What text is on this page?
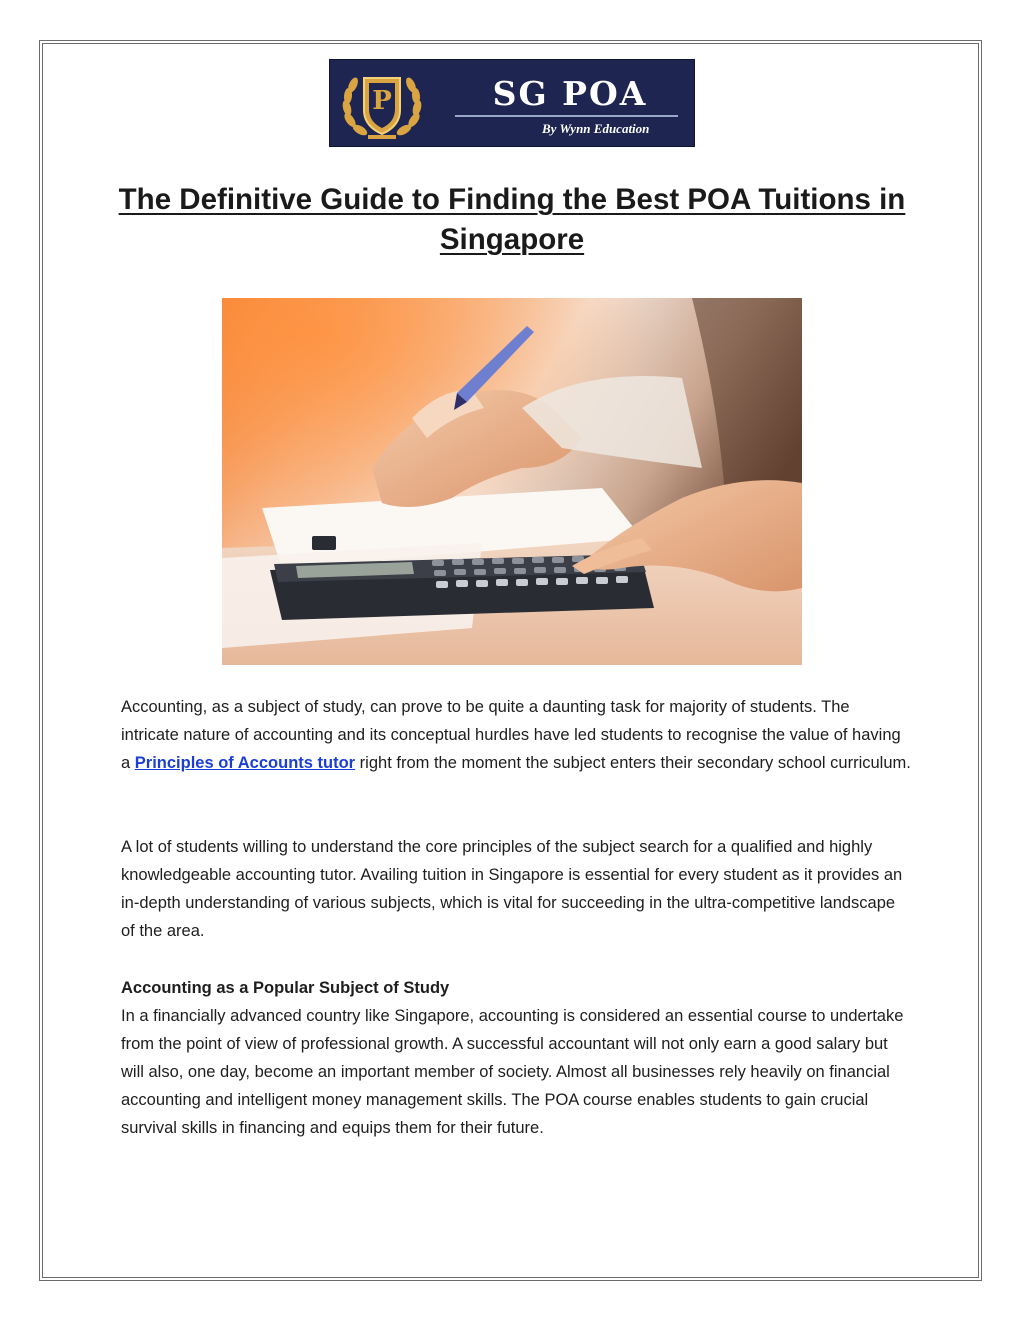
P	SG POA
By Wynn Education
The Definitive Guide to Finding the Best POA Tuitions in Singapore

Accounting, as a subject of study, can prove to be quite a daunting task for majority of students. The intricate nature of accounting and its conceptual hurdles have led students to recognise the value of having a Principles of Accounts tutor right from the moment the subject enters their secondary school curriculum.

A lot of students willing to understand the core principles of the subject search for a qualified and highly knowledgeable accounting tutor. Availing tuition in Singapore is essential for every student as it provides an in-depth understanding of various subjects, which is vital for succeeding in the ultra-competitive landscape of the area.

Accounting as a Popular Subject of Study

In a financially advanced country like Singapore, accounting is considered an essential course to undertake from the point of view of professional growth. A successful accountant will not only earn a good salary but will also, one day, become an important member of society. Almost all businesses rely heavily on financial accounting and intelligent money management skills. The POA course enables students to gain crucial survival skills in financing and equips them for their future.
